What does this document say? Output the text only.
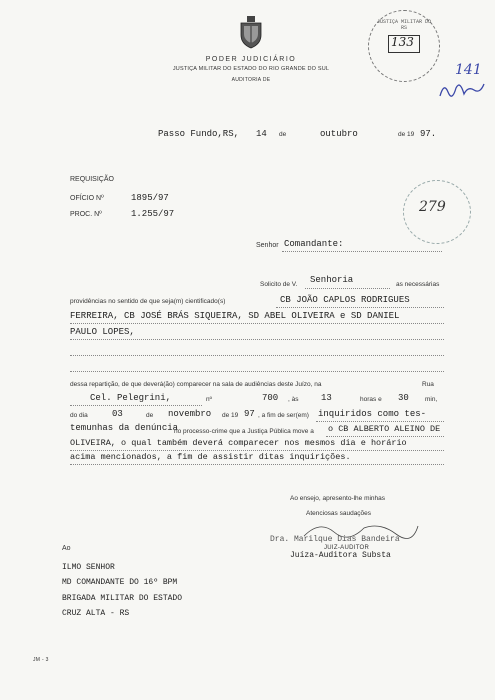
PODER JUDICIÁRIO
JUSTIÇA MILITAR DO ESTADO DO RIO GRANDE DO SUL
AUDITORIA DE
JUSTIÇA MILITAR DO RS
133
141
279
Passo Fundo,RS, 14 de	outubro	de 19 97.
REQUISIÇÃO
OFÍCIO Nº	1895/97
PROC. Nº	1.255/97
Senhor Comandante:
Solicito de V. Senhoria	as necessárias
providências no sentido de que seja(m) cientificado(s)	CB JOÃO CAPLOS RODRIGUES
FERREIRA, CB JOSÉ BRÁS SIQUEIRA, SD ABEL OLIVEIRA e SD DANIEL
PAULO LOPES,
dessa repartição, de que deverá(ão) comparecer na sala de audiências deste Juízo, na	Rua
Cel. Pelegrini,	nº	700 , às	13	horas e 30 min,
do dia	03	de novembro de 19 97 , a fim de ser(em) inquiridos como tes-
temunhas da denúncia
no processo-crime que a Justiça Pública move a o CB ALBERTO ALEINO DE
OLIVEIRA, o qual também deverá comparecer nos mesmos dia e horário
acima mencionados, a fim de assistir ditas inquirições.
Ao ensejo, apresento-lhe minhas
Atenciosas saudações
Dra. Marilque Dias Bandeira
JUIZ-AUDITOR
Juíza-Auditora Substa
Ao
ILMO SENHOR
MD COMANDANTE DO 16º BPM
BRIGADA MILITAR DO ESTADO
CRUZ ALTA - RS
JM - 3
